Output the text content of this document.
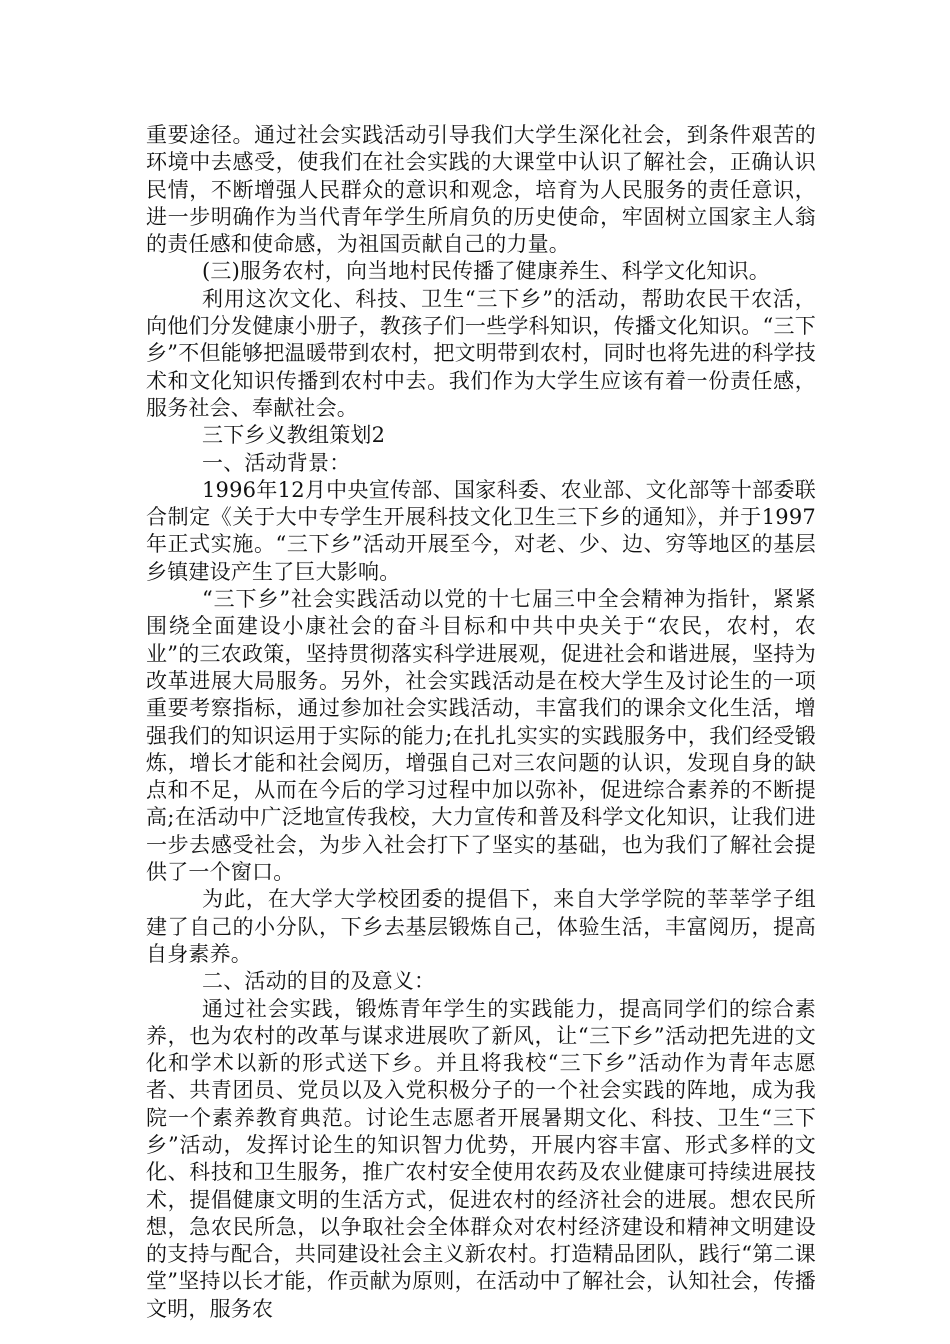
重要途径。通过社会实践活动引导我们大学生深化社会，到条件艰苦的环境中去感受，使我们在社会实践的大课堂中认识了解社会，正确认识民情，不断增强人民群众的意识和观念，培育为人民服务的责任意识，进一步明确作为当代青年学生所肩负的历史使命，牢固树立国家主人翁的责任感和使命感，为祖国贡献自己的力量。

(三)服务农村，向当地村民传播了健康养生、科学文化知识。

利用这次文化、科技、卫生“三下乡”的活动，帮助农民干农活，向他们分发健康小册子，教孩子们一些学科知识，传播文化知识。“三下乡”不但能够把温暖带到农村，把文明带到农村，同时也将先进的科学技术和文化知识传播到农村中去。我们作为大学生应该有着一份责任感，服务社会、奉献社会。

三下乡义教组策划2

一、活动背景：

1996年12月中央宣传部、国家科委、农业部、文化部等十部委联合制定《关于大中专学生开展科技文化卫生三下乡的通知》，并于1997年正式实施。“三下乡”活动开展至今，对老、少、边、穷等地区的基层乡镇建设产生了巨大影响。

“三下乡”社会实践活动以党的十七届三中全会精神为指针，紧紧围绕全面建设小康社会的奋斗目标和中共中央关于“农民，农村，农业”的三农政策，坚持贯彻落实科学进展观，促进社会和谐进展，坚持为改革进展大局服务。另外，社会实践活动是在校大学生及讨论生的一项重要考察指标，通过参加社会实践活动，丰富我们的课余文化生活，增强我们的知识运用于实际的能力;在扎扎实实的实践服务中，我们经受锻炼，增长才能和社会阅历，增强自己对三农问题的认识，发现自身的缺点和不足，从而在今后的学习过程中加以弥补，促进综合素养的不断提高;在活动中广泛地宣传我校，大力宣传和普及科学文化知识，让我们进一步去感受社会，为步入社会打下了坚实的基础，也为我们了解社会提供了一个窗口。

为此，在大学大学校团委的提倡下，来自大学学院的莘莘学子组建了自己的小分队，下乡去基层锻炼自己，体验生活，丰富阅历，提高自身素养。

二、活动的目的及意义：

通过社会实践，锻炼青年学生的实践能力，提高同学们的综合素养，也为农村的改革与谋求进展吹了新风，让“三下乡”活动把先进的文化和学术以新的形式送下乡。并且将我校“三下乡”活动作为青年志愿者、共青团员、党员以及入党积极分子的一个社会实践的阵地，成为我院一个素养教育典范。讨论生志愿者开展暑期文化、科技、卫生“三下乡”活动，发挥讨论生的知识智力优势，开展内容丰富、形式多样的文化、科技和卫生服务，推广农村安全使用农药及农业健康可持续进展技术，提倡健康文明的生活方式，促进农村的经济社会的进展。想农民所想，急农民所急，以争取社会全体群众对农村经济建设和精神文明建设的支持与配合，共同建设社会主义新农村。打造精品团队，践行“第二课堂”坚持以长才能，作贡献为原则，在活动中了解社会，认知社会，传播文明，服务农
